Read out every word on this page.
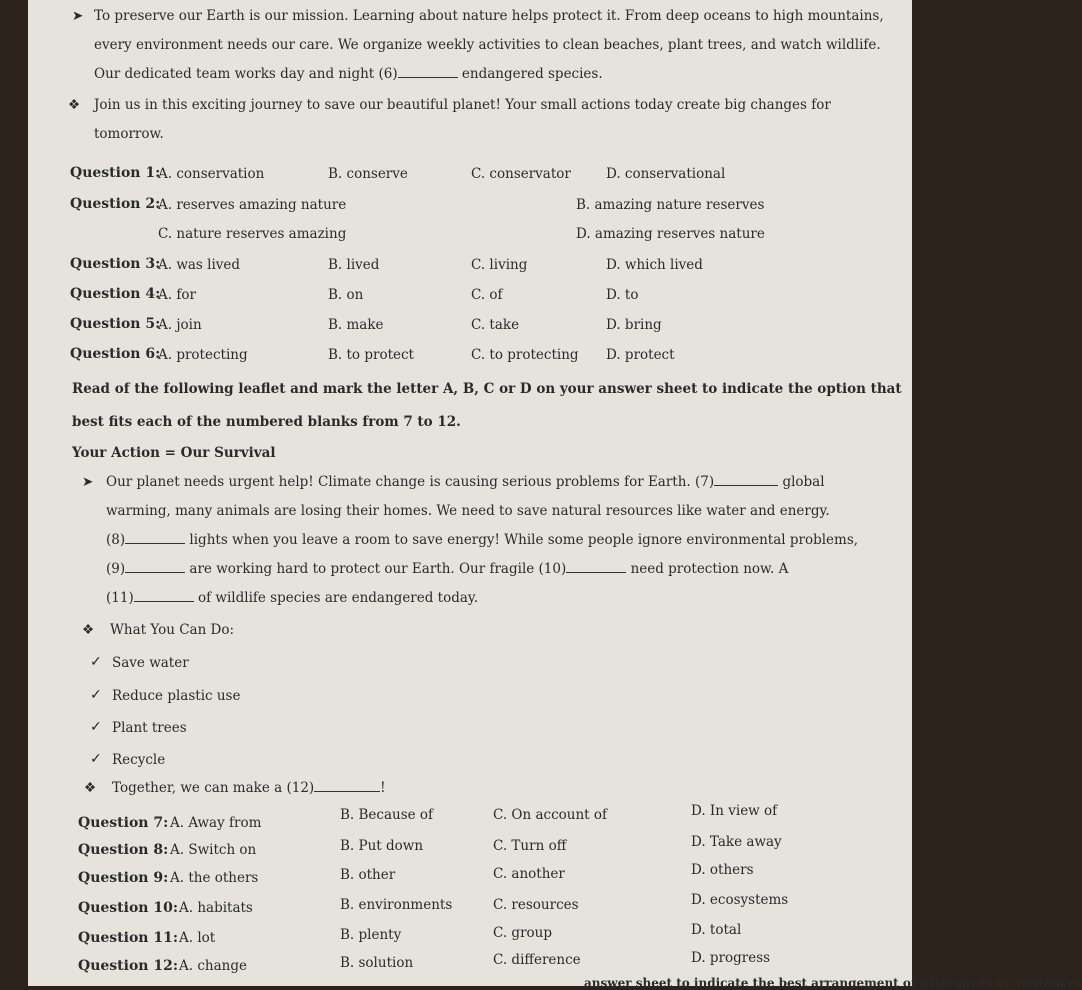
➤ To preserve our Earth is our mission. Learning about nature helps protect it. From deep oceans to high mountains,
every environment needs our care. We organize weekly activities to clean beaches, plant trees, and watch wildlife.
Our dedicated team works day and night (6)	endangered species.
❖ Join us in this exciting journey to save our beautiful planet! Your small actions today create big changes for
tomorrow.
Question 1:
A. conservation	B. conserve	C. conservator	D. conservational
Question 2:
A. reserves amazing nature	B. amazing nature reserves
C. nature reserves amazing	D. amazing reserves nature
Question 3:
A. was lived	B. lived	C. living	D. which lived
Question 4:
A. for	B. on	C. of	D. to
Question 5:
A. join	B. make	C. take	D. bring
Question 6:
A. protecting	B. to protect	C. to protecting D. protect
Read of the following leaflet and mark the letter A, B, C or D on your answer sheet to indicate the option that
best fits each of the numbered blanks from 7 to 12.
Your Action = Our Survival
➤ Our planet needs urgent help! Climate change is causing serious problems for Earth. (7)	global
warming, many animals are losing their homes. We need to save natural resources like water and energy.
(8)	lights when you leave a room to save energy! While some people ignore environmental problems,
(9)	are working hard to protect our Earth. Our fragile (10)	need protection now. A
(11)	of wildlife species are endangered today.
❖ What You Can Do:
✓ Save water
✓ Reduce plastic use
✓ Plant trees
✓ Recycle
❖ Together, we can make a (12)	!
Question 7: A. Away from	B. Because of	C. On account of	D. In view of
Question 8: A. Switch on	B. Put down	C. Turn off	D. Take away
Question 9: A. the others	B. other	C. another	D. others
Question 10: A. habitats	B. environments	C. resources	D. ecosystems
Question 11: A. lot	B. plenty	C. group	D. total
Question 12: A. change	B. solution	C. difference	D. progress
answer sheet to indicate the best arrangement of utterances or sentences
